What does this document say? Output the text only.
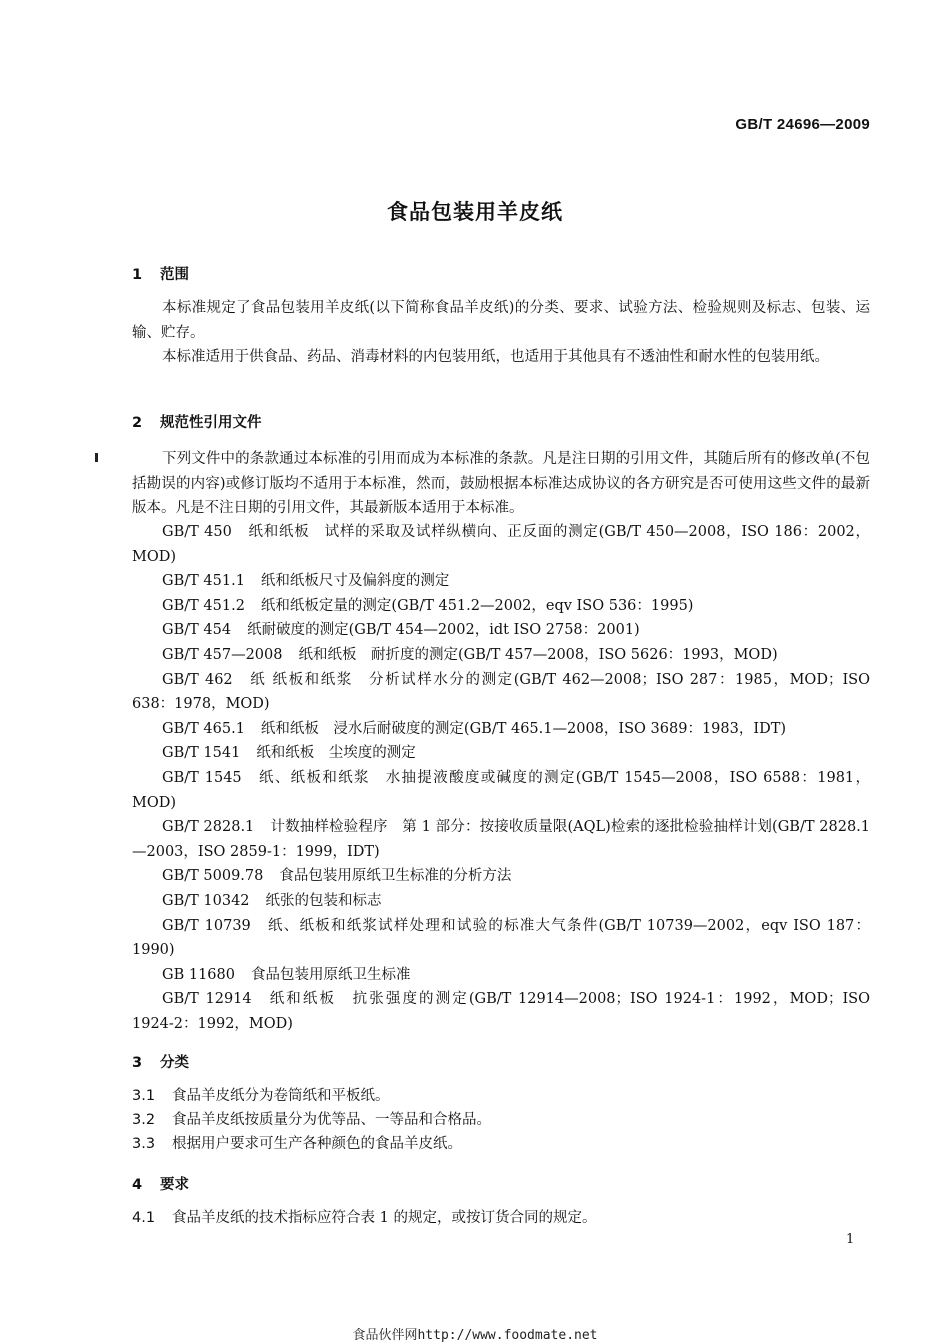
GB/T 24696—2009
食品包装用羊皮纸
1 范围

本标准规定了食品包装用羊皮纸(以下简称食品羊皮纸)的分类、要求、试验方法、检验规则及标志、包装、运输、贮存。

本标准适用于供食品、药品、消毒材料的内包装用纸，也适用于其他具有不透油性和耐水性的包装用纸。

2 规范性引用文件

下列文件中的条款通过本标准的引用而成为本标准的条款。凡是注日期的引用文件，其随后所有的修改单(不包括勘误的内容)或修订版均不适用于本标准，然而，鼓励根据本标准达成协议的各方研究是否可使用这些文件的最新版本。凡是不注日期的引用文件，其最新版本适用于本标准。

GB/T 450 纸和纸板　试样的采取及试样纵横向、正反面的测定(GB/T 450—2008，ISO 186：2002，MOD)

GB/T 451.1 纸和纸板尺寸及偏斜度的测定

GB/T 451.2 纸和纸板定量的测定(GB/T 451.2—2002，eqv ISO 536：1995)

GB/T 454 纸耐破度的测定(GB/T 454—2002，idt ISO 2758：2001)

GB/T 457—2008 纸和纸板　耐折度的测定(GB/T 457—2008，ISO 5626：1993，MOD)

GB/T 462 纸 纸板和纸浆　分析试样水分的测定(GB/T 462—2008；ISO 287：1985，MOD；ISO 638：1978，MOD)

GB/T 465.1 纸和纸板　浸水后耐破度的测定(GB/T 465.1—2008，ISO 3689：1983，IDT)

GB/T 1541 纸和纸板　尘埃度的测定

GB/T 1545 纸、纸板和纸浆　水抽提液酸度或碱度的测定(GB/T 1545—2008，ISO 6588：1981，MOD)

GB/T 2828.1 计数抽样检验程序　第 1 部分：按接收质量限(AQL)检索的逐批检验抽样计划(GB/T 2828.1—2003，ISO 2859-1：1999，IDT)

GB/T 5009.78 食品包装用原纸卫生标准的分析方法

GB/T 10342 纸张的包装和标志

GB/T 10739 纸、纸板和纸浆试样处理和试验的标准大气条件(GB/T 10739—2002，eqv ISO 187：1990)

GB 11680 食品包装用原纸卫生标准

GB/T 12914 纸和纸板　抗张强度的测定(GB/T 12914—2008；ISO 1924-1：1992，MOD；ISO 1924-2：1992，MOD)

3 分类
3.1 食品羊皮纸分为卷筒纸和平板纸。
3.2 食品羊皮纸按质量分为优等品、一等品和合格品。
3.3 根据用户要求可生产各种颜色的食品羊皮纸。
4 要求
4.1 食品羊皮纸的技术指标应符合表 1 的规定，或按订货合同的规定。
1
食品伙伴网http://www.foodmate.net
